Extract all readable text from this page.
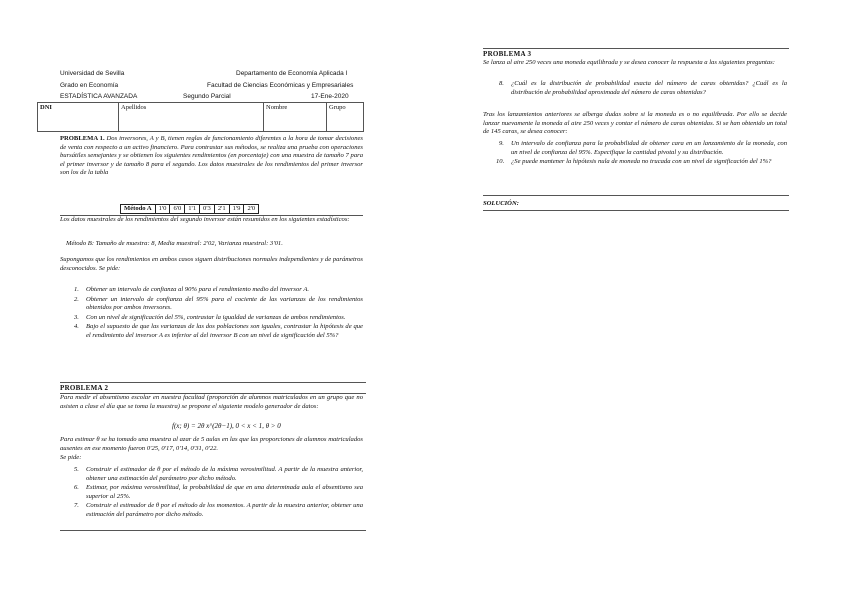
Universidad de Sevilla	Departamento de Economía Aplicada I
Grado en Economía	Facultad de Ciencias Económicas y Empresariales
ESTADÍSTICA AVANZADA	Segundo Parcial	17-Ene-2020
DNI	Apellidos	Nombre	Grupo
PROBLEMA 1. Dos inversores, A y B, tienen reglas de funcionamiento diferentes a la hora de tomar decisiones de venta con respecto a un activo financiero. Para contrastar sus métodos, se realiza una prueba con operaciones bursátiles semejantes y se obtienen los siguientes rendimientos (en porcentaje) con una muestra de tamaño 7 para el primer inversor y de tamaño 8 para el segundo. Los datos muestrales de los rendimientos del primer inversor son los de la tabla
Método A	1'0	6'0	1'1	0'3	2'1	1'9	2'0
Los datos muestrales de los rendimientos del segundo inversor están resumidos en los siguientes estadísticos:
Método B: Tamaño de muestra: 8, Media muestral: 2'02, Varianza muestral: 3'01.
Supongamos que los rendimientos en ambos casos siguen distribuciones normales independientes y de parámetros desconocidos. Se pide:
1. Obtener un intervalo de confianza al 90% para el rendimiento medio del inversor A.
2. Obtener un intervalo de confianza del 95% para el cociente de las varianzas de los rendimientos obtenidos por ambos inversores.
3. Con un nivel de significación del 5%, contrastar la igualdad de varianzas de ambos rendimientos.
4. Bajo el supuesto de que las varianzas de las dos poblaciones son iguales, contrastar la hipótesis de que el rendimiento del inversor A es inferior al del inversor B con un nivel de significación del 5%?
PROBLEMA 2
Para medir el absentismo escolar en nuestra facultad (proporción de alumnos matriculados en un grupo que no asisten a clase el día que se toma la muestra) se propone el siguiente modelo generador de datos:
f(x; θ) = 2θ x^(2θ−1), 0 < x < 1, θ > 0
Para estimar θ se ha tomado una muestra al azar de 5 aulas en las que las proporciones de alumnos matriculados ausentes en ese momento fueron 0'25, 0'17, 0'14, 0'31, 0'22.
Se pide:
5. Construir el estimador de θ por el método de la máxima verosimilitud. A partir de la muestra anterior, obtener una estimación del parámetro por dicho método.
6. Estimar, por máxima verosimilitud, la probabilidad de que en una determinada aula el absentismo sea superior al 25%.
7. Construir el estimador de θ por el método de los momentos. A partir de la muestra anterior, obtener una estimación del parámetro por dicho método.
PROBLEMA 3
Se lanza al aire 250 veces una moneda equilibrada y se desea conocer la respuesta a las siguientes preguntas:
8. ¿Cuál es la distribución de probabilidad exacta del número de caras obtenidas? ¿Cuál es la distribución de probabilidad aproximada del número de caras obtenidas?
Tras los lanzamientos anteriores se alberga dudas sobre si la moneda es o no equilibrada. Por ello se decide lanzar nuevamente la moneda al aire 250 veces y contar el número de caras obtenidas. Si se han obtenido un total de 145 caras, se desea conocer:
9. Un intervalo de confianza para la probabilidad de obtener cara en un lanzamiento de la moneda, con un nivel de confianza del 95%. Especifique la cantidad pivotal y su distribución.
10. ¿Se puede mantener la hipótesis nula de moneda no trucada con un nivel de significación del 1%?
SOLUCIÓN:
